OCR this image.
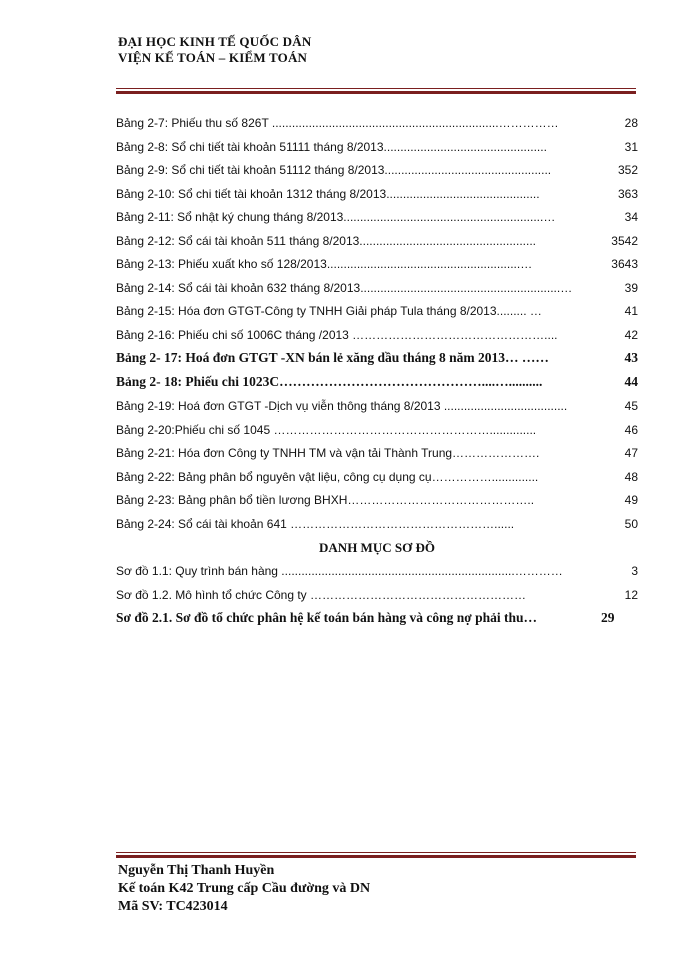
ĐẠI HỌC KINH TẾ QUỐC DÂN
VIỆN KẾ TOÁN – KIỂM TOÁN
Bảng 2-7: Phiếu thu số 826T ....................................................................……………	28
Bảng 2-8: Sổ chi tiết tài khoản 51111 tháng 8/2013.................................................	31
Bảng 2-9: Sổ chi tiết tài khoản 51112 tháng 8/2013..................................................	352
Bảng 2-10: Sổ chi tiết tài khoản 1312 tháng 8/2013..............................................	363
Bảng 2-11: Sổ nhật ký chung tháng 8/2013............................................................…	34
Bảng 2-12: Sổ cái tài khoản 511 tháng 8/2013.....................................................	3542
Bảng 2-13: Phiếu xuất kho số 128/2013..........................................................…	3643
Bảng 2-14: Sổ cái tài khoản 632 tháng 8/2013............................................................…	39
Bảng 2-15: Hóa đơn GTGT-Công ty TNHH Giải pháp Tula tháng 8/2013......... …	41
Bảng 2-16: Phiếu chi số 1006C tháng /2013 …………………………………………....	42
Bảng 2- 17: Hoá đơn GTGT -XN bán lẻ xăng dầu tháng 8 năm 2013… ……	43
Bảng 2- 18: Phiếu chi 1023C………………………………………....…..........	44
Bảng 2-19: Hoá đơn GTGT -Dịch vụ viễn thông tháng 8/2013 .....................................	45
Bảng 2-20:Phiếu chi số 1045 ………………………………………………..............	46
Bảng 2-21: Hóa đơn Công ty TNHH TM và vận tải Thành Trung………………….	47
Bảng 2-22: Bảng phân bổ nguyên vật liệu, công cụ dụng cụ……………..............	48
Bảng 2-23: Bảng phân bổ tiền lương BHXH………………………………………..	49
Bảng 2-24: Sổ cái tài khoản 641 ……………………………………………......	50
DANH MỤC SƠ ĐỒ
Sơ đồ 1.1: Quy trình bán hàng ......................................................................…………	3
Sơ đồ 1.2. Mô hình tổ chức Công ty ………………………………………………	12
Sơ đồ 2.1. Sơ đồ tổ chức phân hệ kế toán bán hàng và công nợ phải thu…	29
Nguyễn Thị Thanh Huyền
Kế toán K42 Trung cấp Cầu đường và DN
Mã SV: TC423014
